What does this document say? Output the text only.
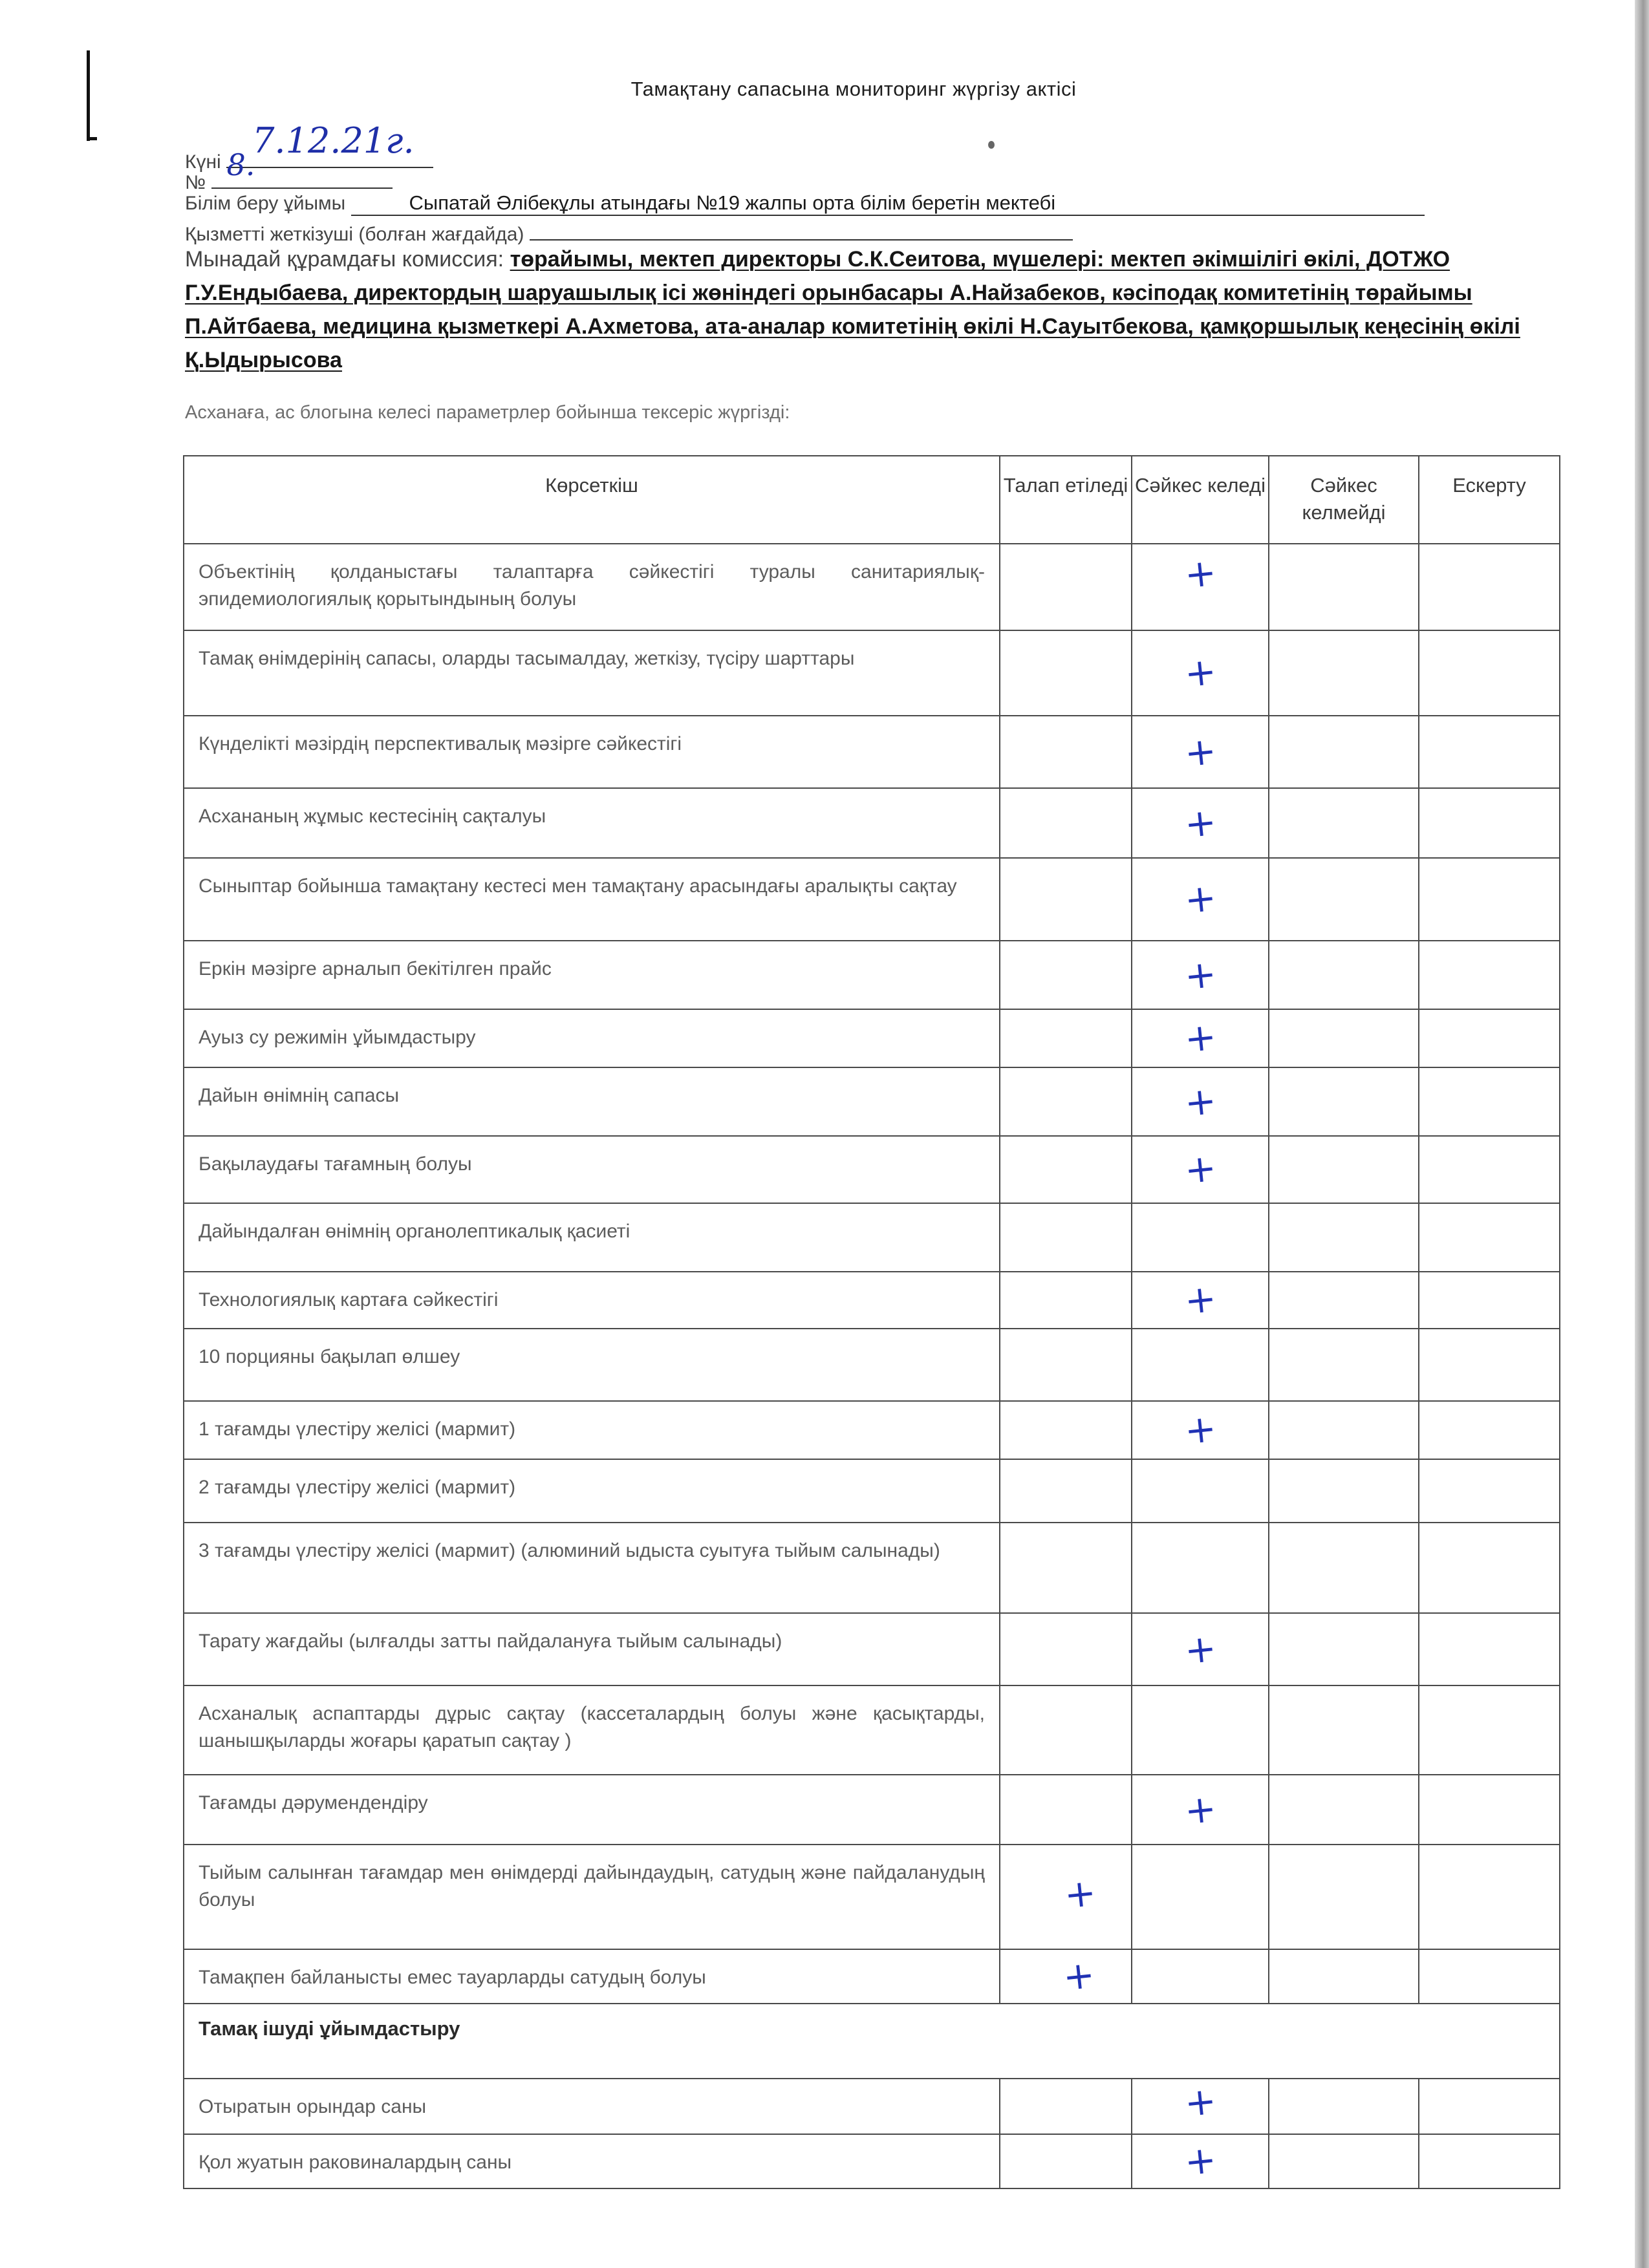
Тамақтану сапасына мониторинг жүргізу актісі
Күні
7.12.21г.
№
8.
Білім беру ұйымы	Сыпатай Әлібекұлы атындағы №19 жалпы орта білім беретін мектебі
Қызметті жеткізуші (болған жағдайда)
Мынадай құрамдағы комиссия: төрайымы, мектеп директоры С.К.Сеитова, мүшелері: мектеп әкімшілігі өкілі, ДОТЖО Г.У.Ендыбаева, директордың шаруашылық ісі жөніндегі орынбасары А.Найзабеков, кәсіподақ комитетінің төрайымы П.Айтбаева, медицина қызметкері А.Ахметова, ата-аналар комитетінің өкілі Н.Сауытбекова, қамқоршылық кеңесінің өкілі Қ.Ыдырысова
Асханаға, ас блогына келесі параметрлер бойынша тексеріс жүргізді:
Көрсеткіш	Талап етіледі	Сәйкес келеді	Сәйкес келмейді	Ескерту
Объектінің қолданыстағы талаптарға сәйкестігі туралы санитариялық-эпидемиологиялық қорытындының болуы		+		

Тамақ өнімдерінің сапасы, оларды тасымалдау, жеткізу, түсіру шарттары		+		

Күнделікті мәзірдің перспективалық мәзірге сәйкестігі		+		

Асхананың жұмыс кестесінің сақталуы		+		

Сыныптар бойынша тамақтану кестесі мен тамақтану арасындағы аралықты сақтау		+		

Еркін мәзірге арналып бекітілген прайс		+		

Ауыз су режимін ұйымдастыру		+		

Дайын өнімнің сапасы		+		

Бақылаудағы тағамның болуы		+		

Дайындалған өнімнің органолептикалық қасиеті	

Технологиялық картаға сәйкестігі		+		

10 порцияны бақылап өлшеу	

1 тағамды үлестіру желісі (мармит)		+		

2 тағамды үлестіру желісі (мармит)	

3 тағамды үлестіру желісі (мармит) (алюминий ыдыста суытуға тыйым салынады)	

Тарату жағдайы (ылғалды затты пайдалануға тыйым салынады)		+		

Асханалық аспаптарды дұрыс сақтау (кассеталардың болуы және қасықтарды, шанышқыларды жоғары қаратып сақтау )	

Тағамды дәрумендендіру		+		

Тыйым салынған тағамдар мен өнімдерді дайындаудың, сатудың және пайдаланудың болуы	+			

Тамақпен байланысты емес тауарларды сатудың болуы	+			

Тамақ ішуді ұйымдастыру				
Отыратын орындар саны		+		

Қол жуатын раковиналардың саны		+		
